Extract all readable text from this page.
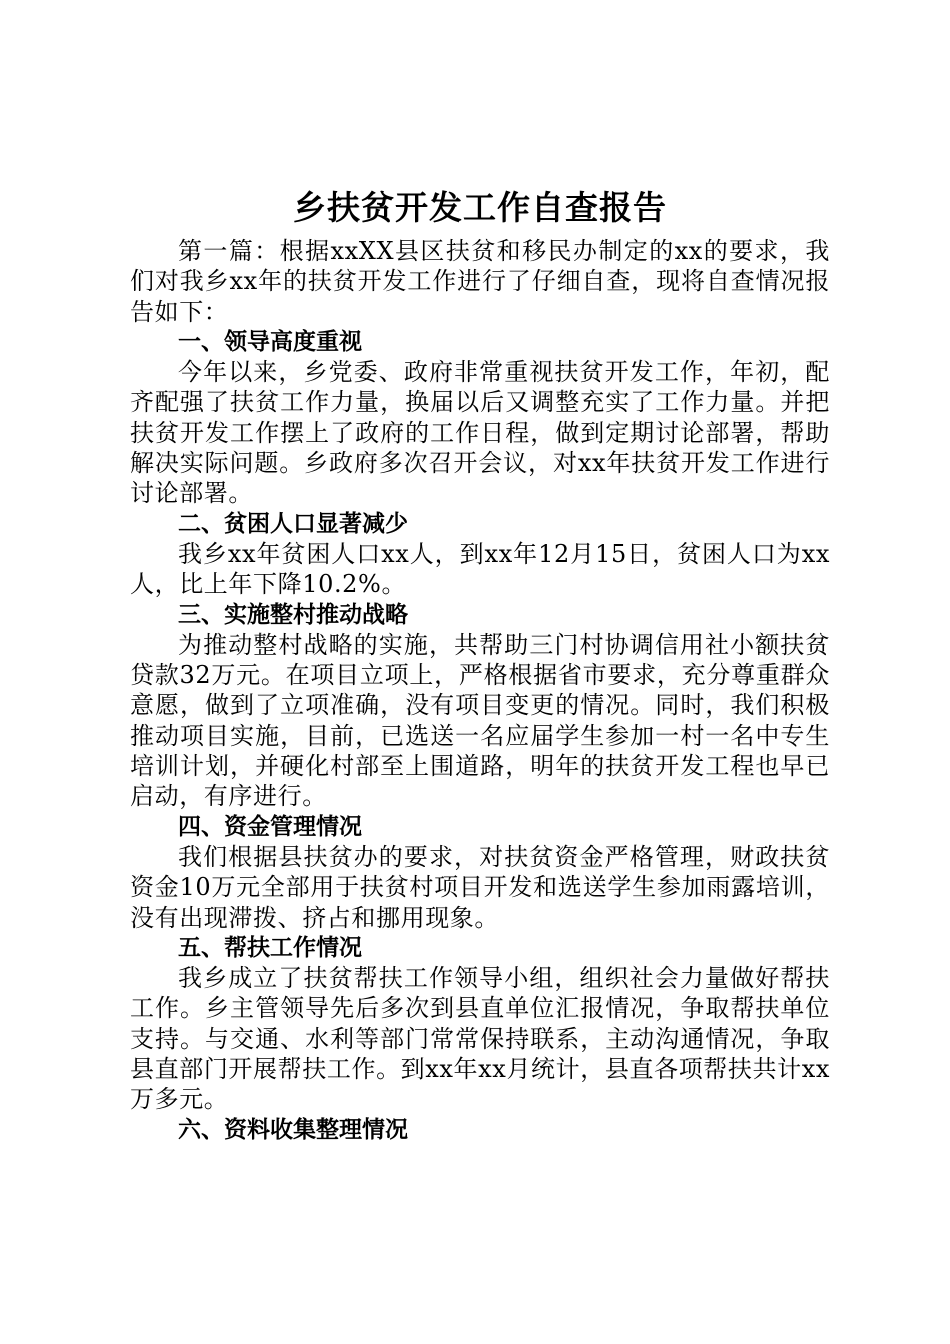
乡扶贫开发工作自查报告

第一篇：根据xxXX县区扶贫和移民办制定的xx的要求，我们对我乡xx年的扶贫开发工作进行了仔细自查，现将自查情况报告如下：

一、领导高度重视

今年以来，乡党委、政府非常重视扶贫开发工作，年初，配齐配强了扶贫工作力量，换届以后又调整充实了工作力量。并把扶贫开发工作摆上了政府的工作日程，做到定期讨论部署，帮助解决实际问题。乡政府多次召开会议，对xx年扶贫开发工作进行讨论部署。

二、贫困人口显著减少

我乡xx年贫困人口xx人，到xx年12月15日，贫困人口为xx人，比上年下降10.2%。

三、实施整村推动战略

为推动整村战略的实施，共帮助三门村协调信用社小额扶贫贷款32万元。在项目立项上，严格根据省市要求，充分尊重群众意愿，做到了立项准确，没有项目变更的情况。同时，我们积极推动项目实施，目前，已选送一名应届学生参加一村一名中专生培训计划，并硬化村部至上围道路，明年的扶贫开发工程也早已启动，有序进行。

四、资金管理情况

我们根据县扶贫办的要求，对扶贫资金严格管理，财政扶贫资金10万元全部用于扶贫村项目开发和选送学生参加雨露培训，没有出现滞拨、挤占和挪用现象。

五、帮扶工作情况

我乡成立了扶贫帮扶工作领导小组，组织社会力量做好帮扶工作。乡主管领导先后多次到县直单位汇报情况，争取帮扶单位支持。与交通、水利等部门常常保持联系，主动沟通情况，争取县直部门开展帮扶工作。到xx年xx月统计，县直各项帮扶共计xx万多元。

六、资料收集整理情况
